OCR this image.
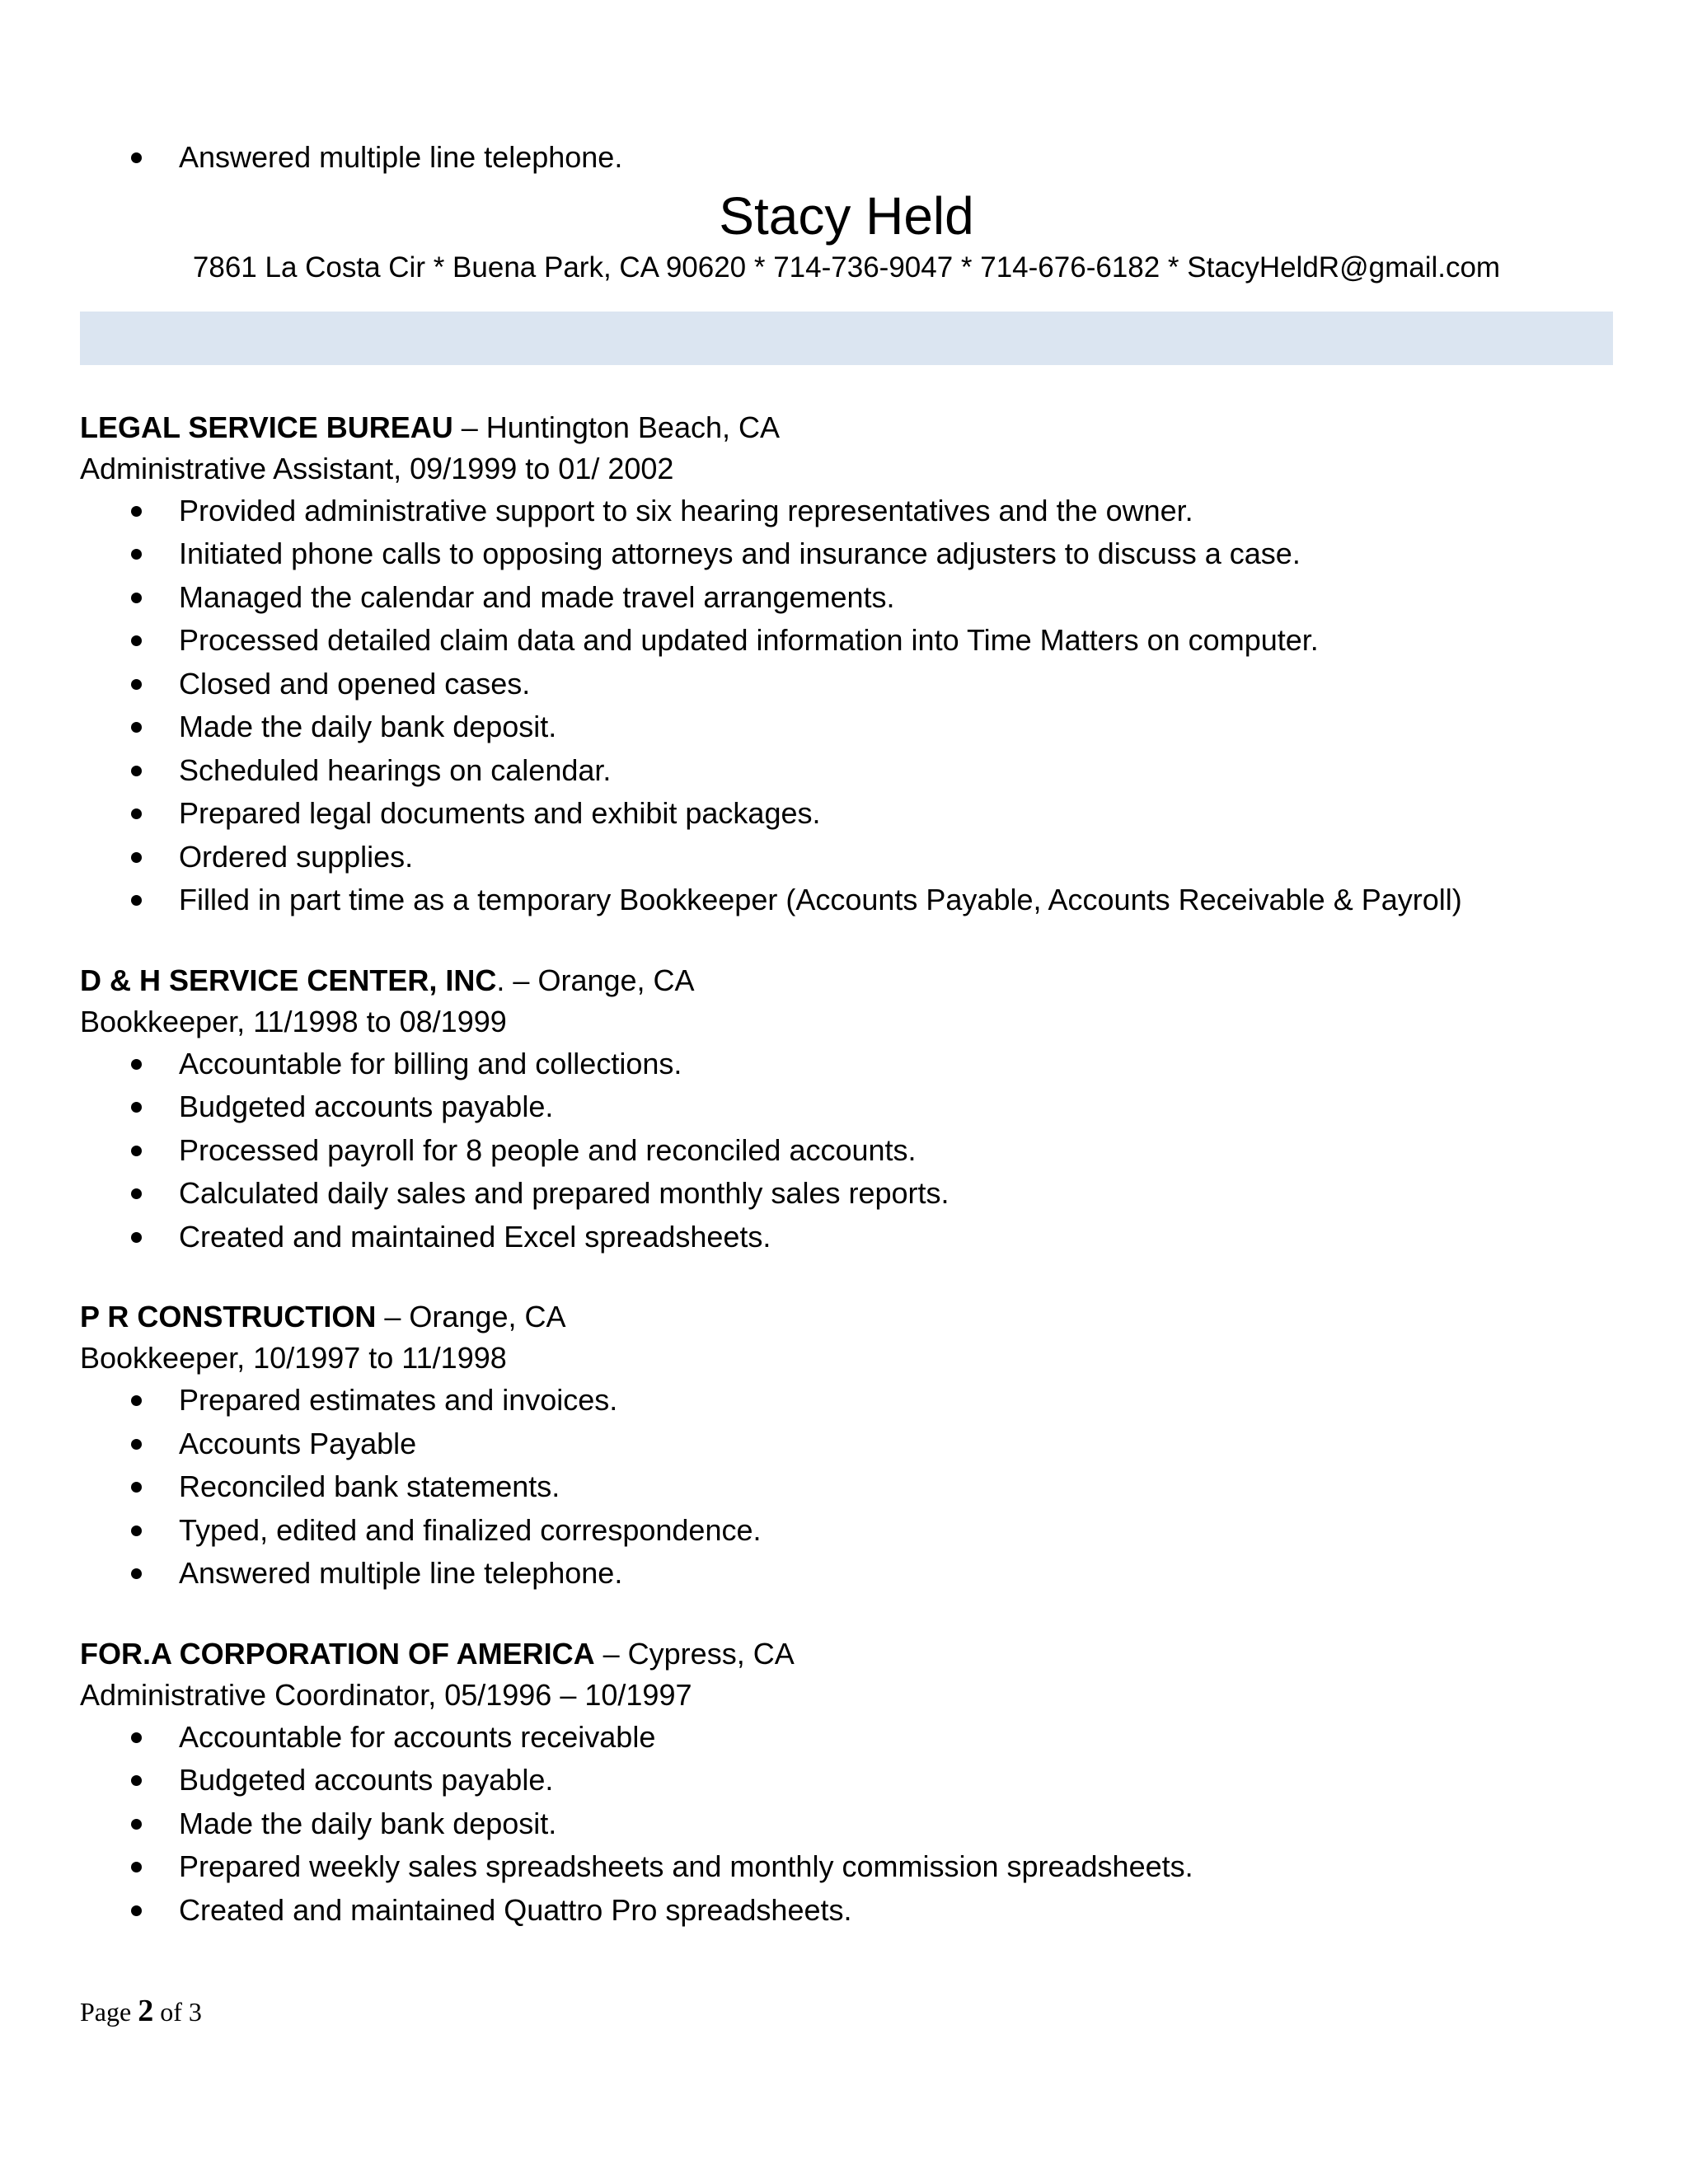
Answered multiple line telephone.
Stacy Held
7861 La Costa Cir * Buena Park, CA 90620 * 714-736-9047 * 714-676-6182 * StacyHeldR@gmail.com
LEGAL SERVICE BUREAU – Huntington Beach, CA
Administrative Assistant, 09/1999 to 01/ 2002
Provided administrative support to six hearing representatives and the owner.
Initiated phone calls to opposing attorneys and insurance adjusters to discuss a case.
Managed the calendar and made travel arrangements.
Processed detailed claim data and updated information into Time Matters on computer.
Closed and opened cases.
Made the daily bank deposit.
Scheduled hearings on calendar.
Prepared legal documents and exhibit packages.
Ordered supplies.
Filled in part time as a temporary Bookkeeper (Accounts Payable, Accounts Receivable & Payroll)
D & H SERVICE CENTER, INC. – Orange, CA
Bookkeeper, 11/1998 to 08/1999
Accountable for billing and collections.
Budgeted accounts payable.
Processed payroll for 8 people and reconciled accounts.
Calculated daily sales and prepared monthly sales reports.
Created and maintained Excel spreadsheets.
P R CONSTRUCTION – Orange, CA
Bookkeeper, 10/1997 to 11/1998
Prepared estimates and invoices.
Accounts Payable
Reconciled bank statements.
Typed, edited and finalized correspondence.
Answered multiple line telephone.
FOR.A CORPORATION OF AMERICA – Cypress, CA
Administrative Coordinator, 05/1996 – 10/1997
Accountable for accounts receivable
Budgeted accounts payable.
Made the daily bank deposit.
Prepared weekly sales spreadsheets and monthly commission spreadsheets.
Created and maintained Quattro Pro spreadsheets.
Page 2 of 3
